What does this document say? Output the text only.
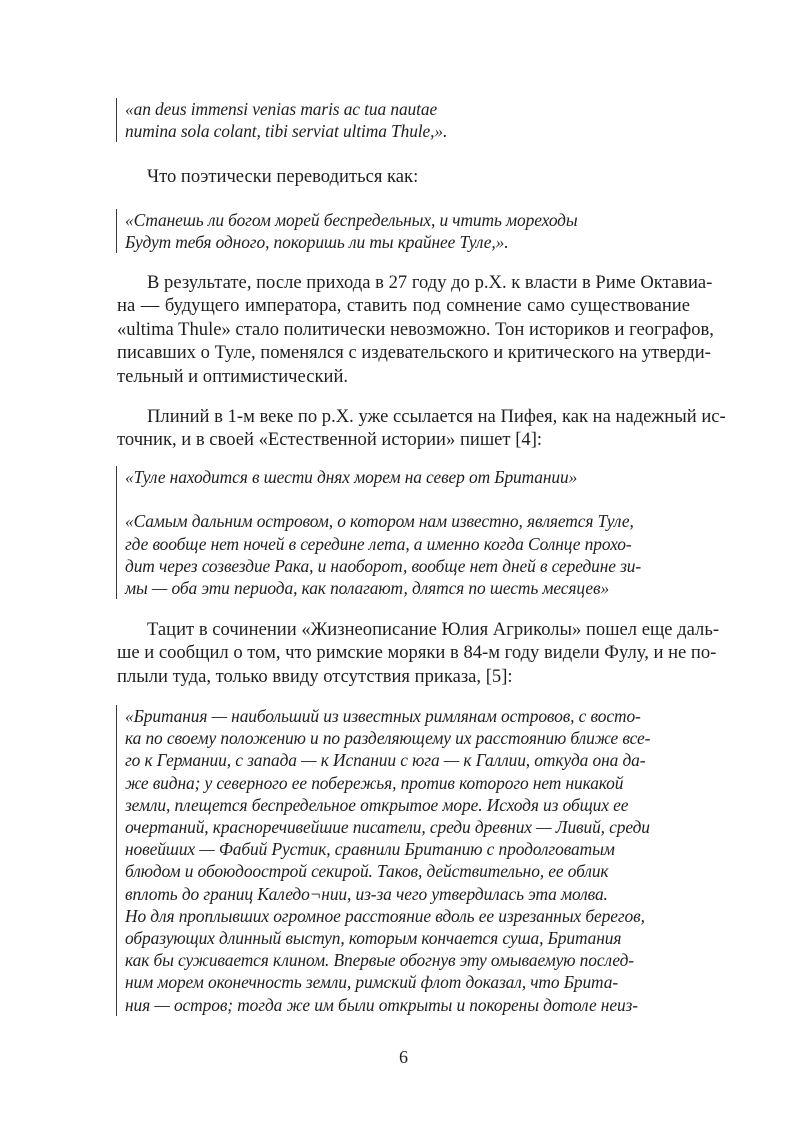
«an deus immensi venias maris ac tua nautae
numina sola colant, tibi serviat ultima Thule,».
Что поэтически переводиться как:
«Станешь ли богом морей беспредельных, и чтить мореходы
Будут тебя одного, покоришь ли ты крайнее Туле,».
В результате, после прихода в 27 году до р.Х. к власти в Риме Октавиа-
на — будущего императора, ставить под сомнение само существование
«ultima Thule» стало политически невозможно. Тон историков и географов,
писавших о Туле, поменялся с издевательского и критического на утверди-
тельный и оптимистический.
Плиний в 1-м веке по р.Х. уже ссылается на Пифея, как на надежный ис-
точник, и в своей «Естественной истории» пишет [4]:
«Туле находится в шести днях морем на север от Британии»
«Самым дальним островом, о котором нам известно, является Туле,
где вообще нет ночей в середине лета, а именно когда Солнце прохо-
дит через созвездие Рака, и наоборот, вообще нет дней в середине зи-
мы — оба эти периода, как полагают, длятся по шесть месяцев»
Тацит в сочинении «Жизнеописание Юлия Агриколы» пошел еще даль-
ше и сообщил о том, что римские моряки в 84-м году видели Фулу, и не по-
плыли туда, только ввиду отсутствия приказа, [5]:
«Британия — наибольший из известных римлянам островов, с восто-
ка по своему положению и по разделяющему их расстоянию ближе все-
го к Германии, с запада — к Испании с юга — к Галлии, откуда она да-
же видна; у северного ее побережья, против которого нет никакой
земли, плещется беспредельное открытое море. Исходя из общих ее
очертаний, красноречивейшие писатели, среди древних — Ливий, среди
новейших — Фабий Рустик, сравнили Британию с продолговатым
блюдом и обоюдоострой секирой. Таков, действительно, ее облик
вплоть до границ Каледо¬нии, из-за чего утвердилась эта молва.
Но для проплывших огромное расстояние вдоль ее изрезанных берегов,
образующих длинный выступ, которым кончается суша, Британия
как бы суживается клином. Впервые обогнув эту омываемую послед-
ним морем оконечность земли, римский флот доказал, что Брита-
ния — остров; тогда же им были открыты и покорены дотоле неиз-
6
